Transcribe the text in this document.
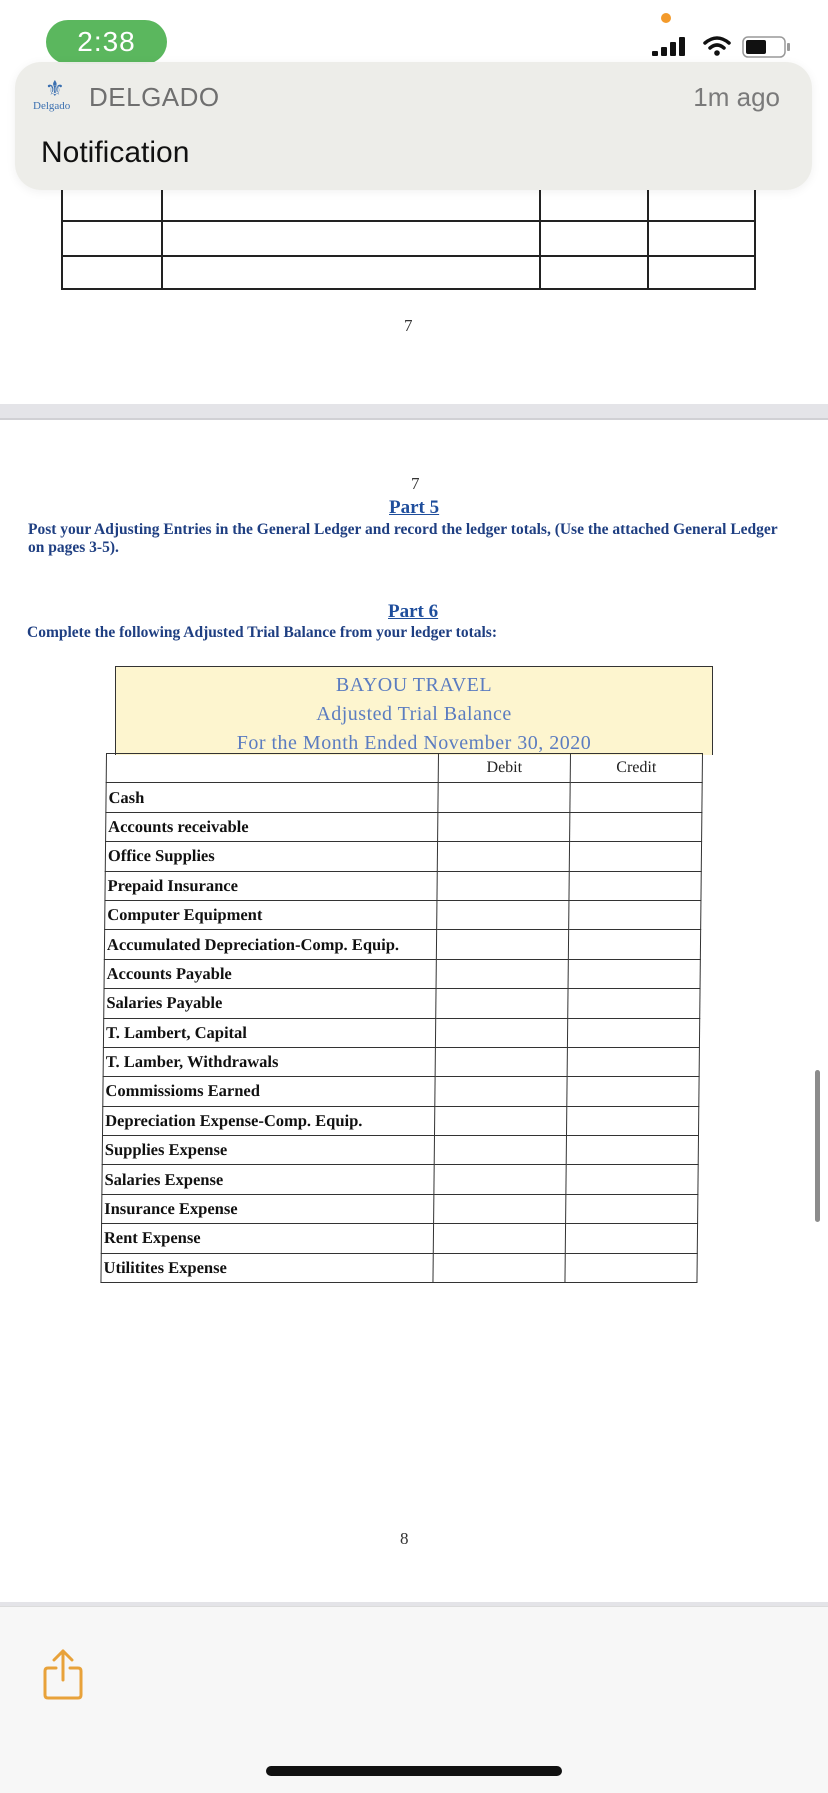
2:38
⚜
Delgado DELGADO	1m ago
Notification
7
7
Part 5
Post your Adjusting Entries in the General Ledger and record the ledger totals, (Use the attached General Ledger on pages 3-5).
Part 6
Complete the following Adjusted Trial Balance from your ledger totals:
BAYOU TRAVEL
Adjusted Trial Balance
For the Month Ended November 30, 2020
	Debit	Credit
Cash		
Accounts receivable		
Office Supplies		
Prepaid Insurance		
Computer Equipment		
Accumulated Depreciation-Comp. Equip.		
Accounts Payable		
Salaries Payable		
T. Lambert, Capital		
T. Lamber, Withdrawals		
Commissioms Earned		
Depreciation Expense-Comp. Equip.		
Supplies Expense		
Salaries Expense		
Insurance Expense		
Rent Expense		
Utilitites Expense		
8
